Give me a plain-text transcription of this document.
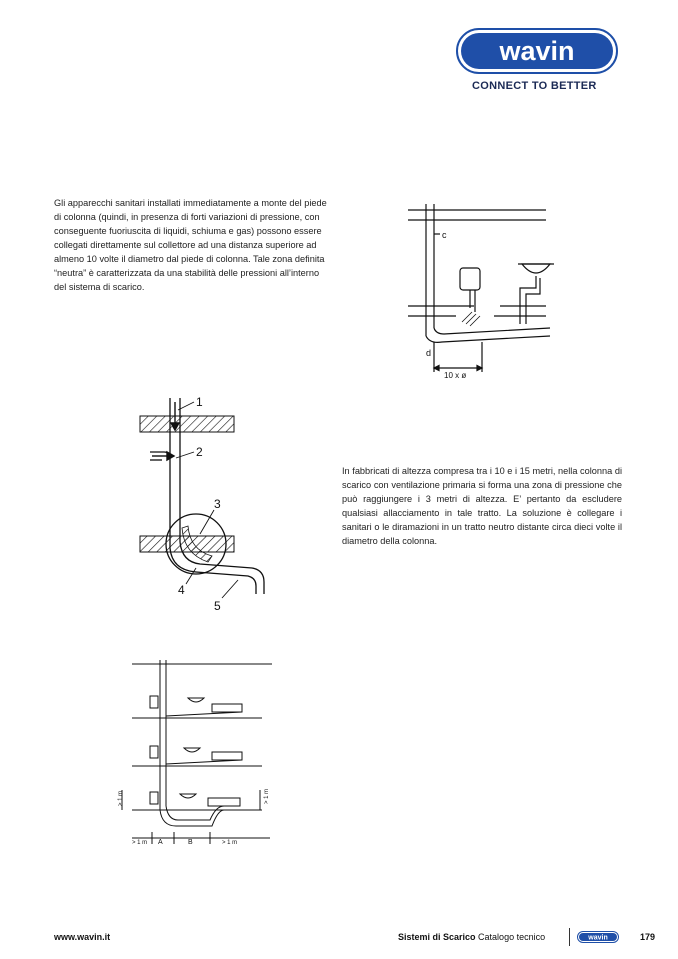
wavin
CONNECT TO BETTER
Gli apparecchi sanitari installati immediatamente a monte del piede di colonna (quindi, in presenza di forti variazioni di pressione, con conseguente fuoriuscita di liquidi, schiuma e gas) possono essere collegati direttamente sul collettore ad una distanza superiore ad almeno 10 volte il diametro dal piede di colonna. Tale zona definita “neutra” è caratterizzata da una stabilità delle pressioni all’interno del sistema di scarico.
In fabbricati di altezza compresa tra i 10 e i 15 metri, nella colonna di scarico con ventilazione primaria si forma una zona di pressione che può raggiungere i 3 metri di altezza. E’ pertanto da escludere qualsiasi allacciamento in tale tratto. La soluzione è collegare i sanitari o le diramazioni in un tratto neutro distante circa dieci volte il diametro della colonna.
c
d
10 x ø
1
2
3
4
5
> 1 m	> 1 m
> 1 m A	B	> 1 m
www.wavin.it	Sistemi di Scarico Catalogo tecnico	wavin	179
